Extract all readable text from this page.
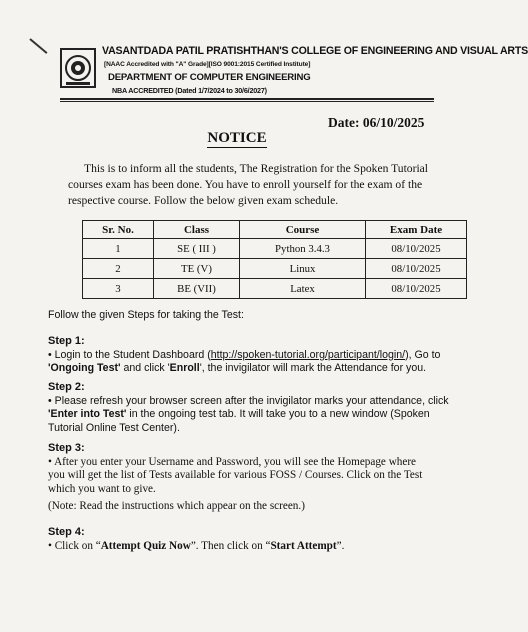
VASANTDADA PATIL PRATISHTHAN'S COLLEGE OF ENGINEERING AND VISUAL ARTS
[NAAC Accredited with "A" Grade][ISO 9001:2015 Certified Institute]
DEPARTMENT OF COMPUTER ENGINEERING
NBA ACCREDITED (Dated 1/7/2024 to 30/6/2027)
Date: 06/10/2025
NOTICE
This is to inform all the students, The Registration for the Spoken Tutorial
courses exam has been done. You have to enroll yourself for the exam of the
respective course. Follow the below given exam schedule.
Sr. No.	Class	Course	Exam Date
1	SE ( III )	Python 3.4.3	08/10/2025
2	TE (V)	Linux	08/10/2025
3	BE (VII)	Latex	08/10/2025
Follow the given Steps for taking the Test:
Step 1:
• Login to the Student Dashboard (http://spoken-tutorial.org/participant/login/), Go to
'Ongoing Test' and click 'Enroll', the invigilator will mark the Attendance for you.
Step 2:
• Please refresh your browser screen after the invigilator marks your attendance, click
'Enter into Test' in the ongoing test tab. It will take you to a new window (Spoken
Tutorial Online Test Center).
Step 3:
• After you enter your Username and Password, you will see the Homepage where
you will get the list of Tests available for various FOSS / Courses. Click on the Test
which you want to give.
(Note: Read the instructions which appear on the screen.)
Step 4:
• Click on “Attempt Quiz Now”. Then click on “Start Attempt”.
